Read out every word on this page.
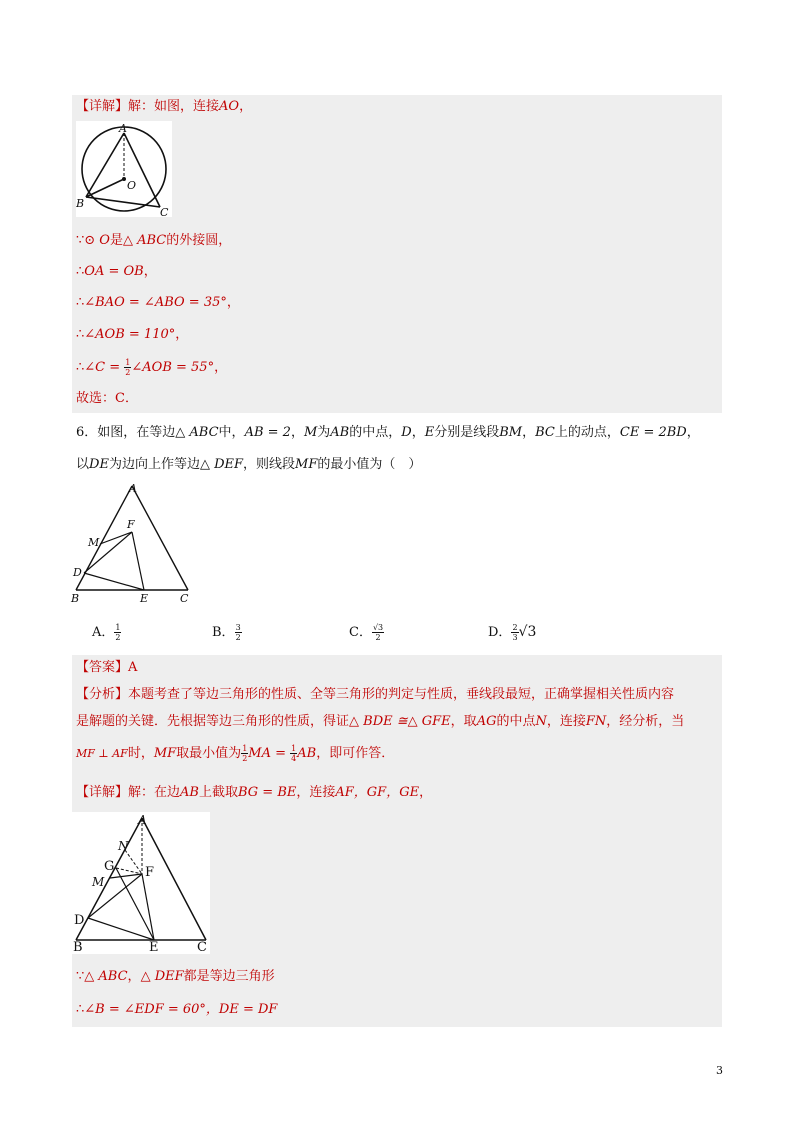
【详解】解：如图，连接AO，
A
O
B
C
∵⊙ O是△ ABC的外接圆，
∴OA = OB，
∴∠BAO = ∠ABO = 35°，
∴∠AOB = 110°，
∴∠C = $\frac{1}{2}$ ∠AOB = 55°，
故选：C．
6．如图，在等边△ ABC中，AB = 2，M为AB的中点，D，E分别是线段BM，BC上的动点，CE = 2BD，
以DE为边向上作等边△ DEF，则线段MF的最小值为（　）
A
F
M
D
B	E	C
A． $\frac{1}{2}$	B． $\frac{3}{2}$	C． $\frac{√3}{2}$	D． $\frac{2}{3} √3$
【答案】A
【分析】本题考查了等边三角形的性质、全等三角形的判定与性质，垂线段最短，正确掌握相关性质内容
是解题的关键．先根据等边三角形的性质，得证△ BDE ≅△ GFE，取AG的中点N，连接FN，经分析，当
MF ⊥ AF时，MF取最小值为 $\frac{1}{2}$ MA = $\frac{1}{4}$ AB，即可作答．
【详解】解：在边AB上截取BG = BE，连接AF，GF，GE，
A
N
G F
M
D
B	E	C
∵△ ABC，△ DEF都是等边三角形
∴∠B = ∠EDF = 60°，DE = DF
3
